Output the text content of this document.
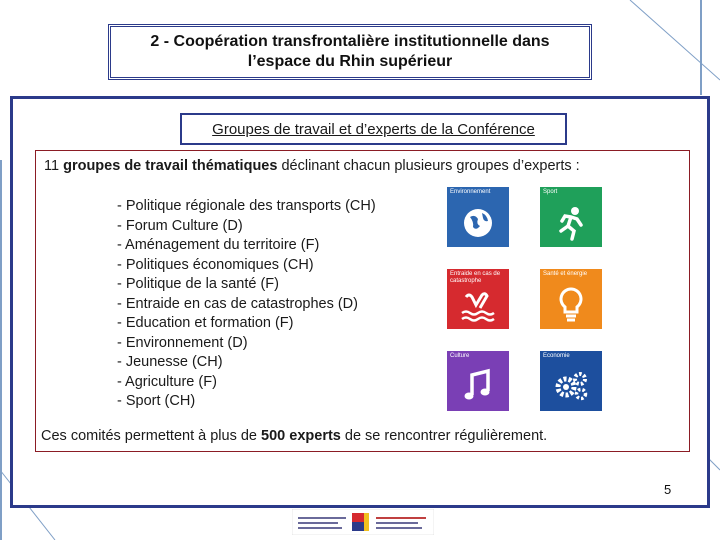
2 - Coopération transfrontalière institutionnelle dans
l’espace du Rhin supérieur
Groupes de travail et d’experts de la Conférence
11 groupes de travail thématiques déclinant chacun plusieurs groupes d’experts :
- Politique régionale des transports (CH)
- Forum Culture (D)
- Aménagement du territoire (F)
- Politiques économiques (CH)
- Politique de la santé (F)
- Entraide en cas de catastrophes (D)
- Education et formation (F)
- Environnement (D)
- Jeunesse (CH)
- Agriculture (F)
- Sport (CH)
Environnement	Sport
Entraide en cas de catastrophe
Santé et énergie
Culture	Economie
Ces comités permettent à plus de 500 experts de se rencontrer régulièrement.
5
